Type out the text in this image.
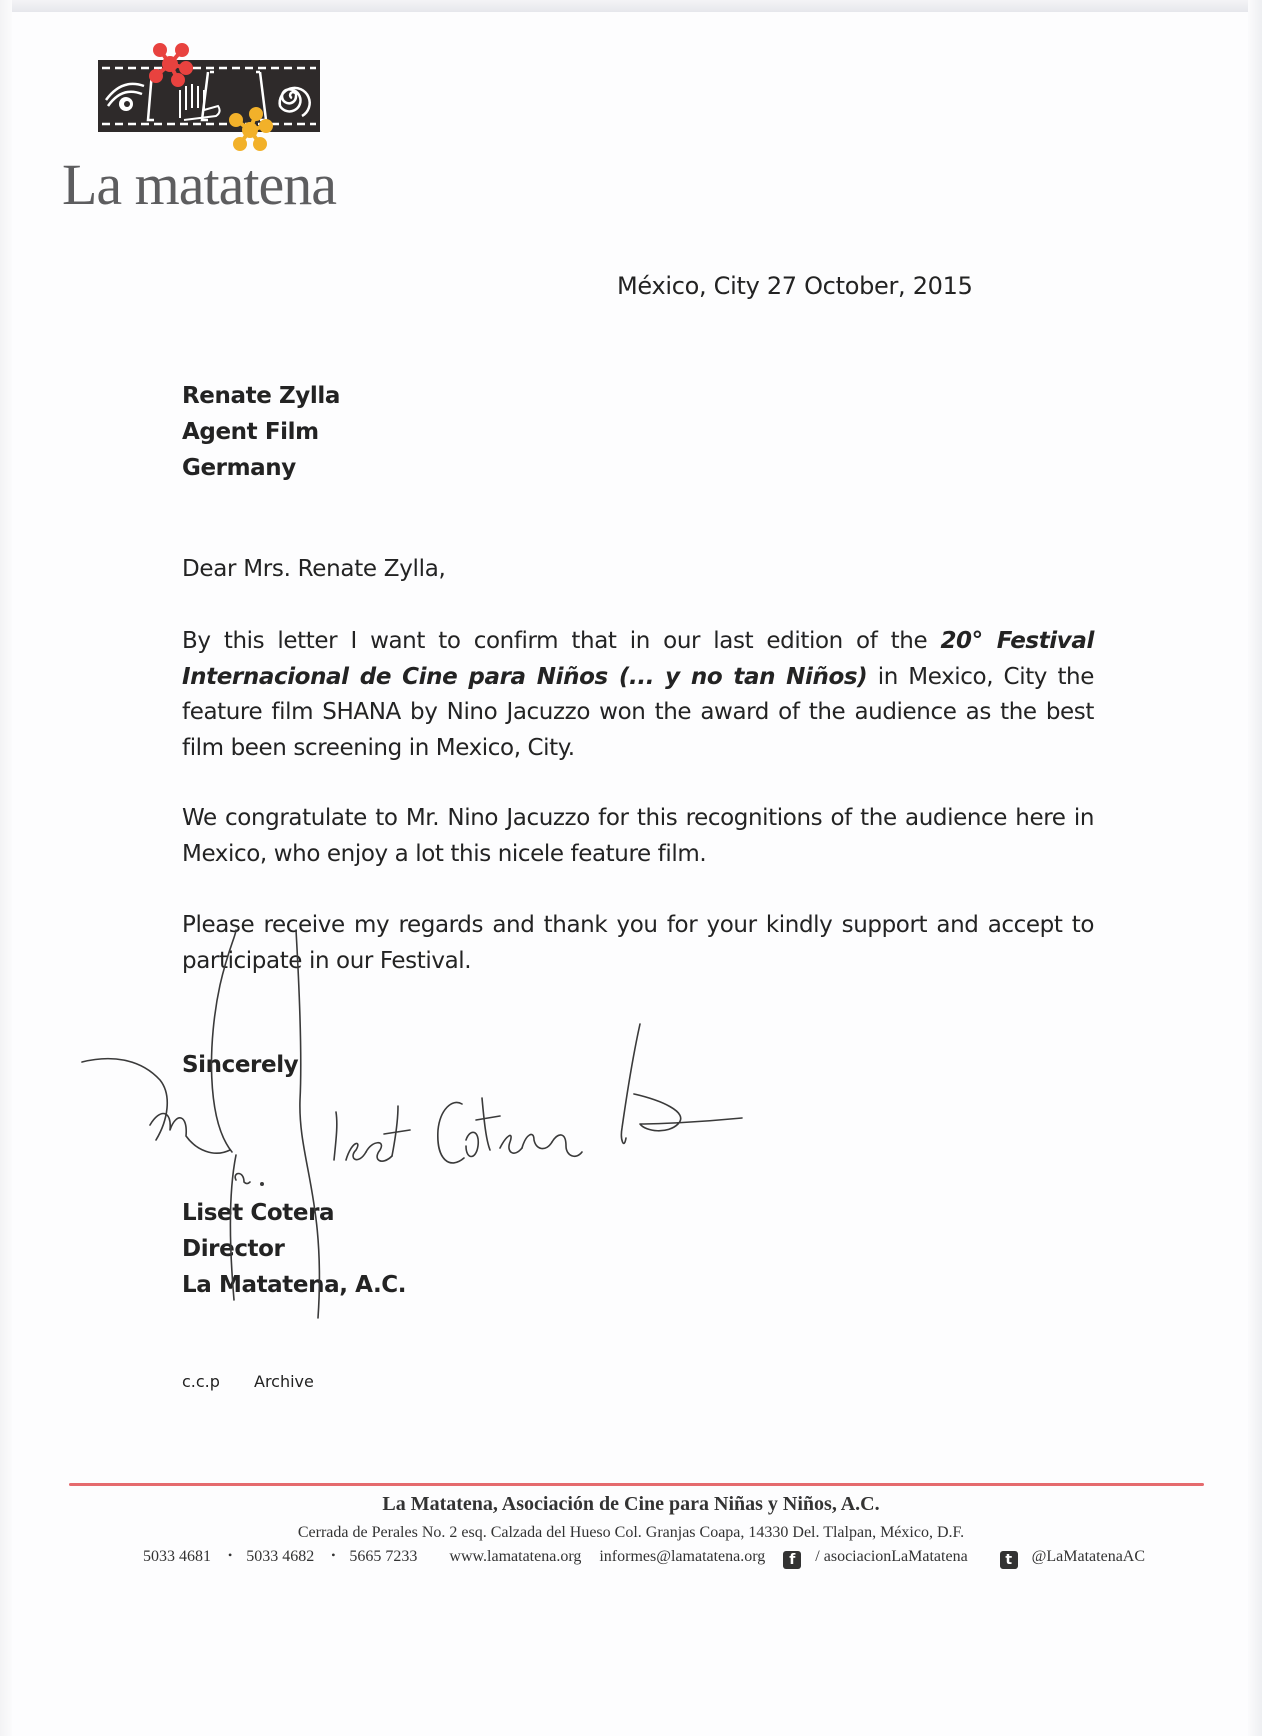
La matatena
México, City 27 October, 2015
Renate Zylla
Agent Film
Germany
Dear Mrs. Renate Zylla,
By this letter I want to confirm that in our last edition of the 20° Festival Internacional de Cine para Niños (... y no tan Niños) in Mexico, City the feature film SHANA by Nino Jacuzzo won the award of the audience as the best film been screening in Mexico, City.
We congratulate to Mr. Nino Jacuzzo for this recognitions of the audience here in Mexico, who enjoy a lot this nicele feature film.
Please receive my regards and thank you for your kindly support and accept to participate in our Festival.
Sincerely
Liset Cotera
Director
La Matatena, A.C.
c.c.p Archive
La Matatena, Asociación de Cine para Niñas y Niños, A.C.
Cerrada de Perales No. 2 esq. Calzada del Hueso Col. Granjas Coapa, 14330 Del. Tlalpan, México, D.F.
5033 4681 • 5033 4682 • 5665 7233 www.lamatatena.org informes@lamatatena.org f / asociacionLaMatatena	t @LaMatatenaAC
